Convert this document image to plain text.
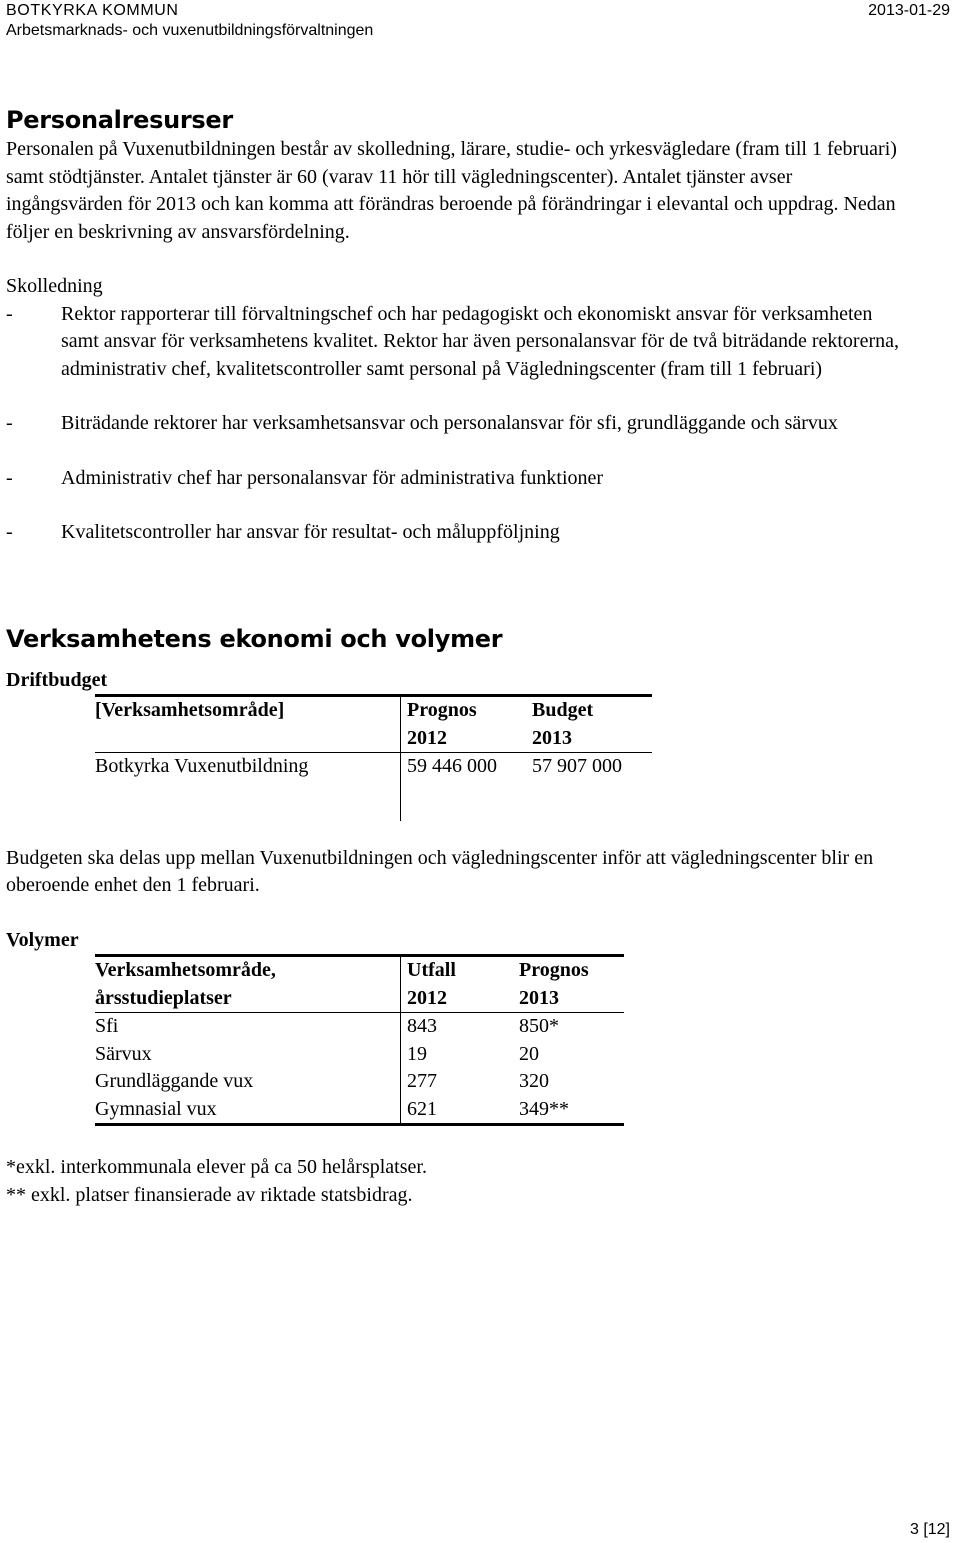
BOTKYRKA KOMMUN
Arbetsmarknads- och vuxenutbildningsförvaltningen
2013-01-29
Personalresurser

Personalen på Vuxenutbildningen består av skolledning, lärare, studie- och yrkesvägledare (fram till 1 februari) samt stödtjänster. Antalet tjänster är 60 (varav 11 hör till vägledningscenter). Antalet tjänster avser ingångsvärden för 2013 och kan komma att förändras beroende på förändringar i elevantal och uppdrag. Nedan följer en beskrivning av ansvarsfördelning.

Skolledning

-	Rektor rapporterar till förvaltningschef och har pedagogiskt och ekonomiskt ansvar för verksamheten samt ansvar för verksamhetens kvalitet. Rektor har även personalansvar för de två biträdande rektorerna, administrativ chef, kvalitetscontroller samt personal på Vägledningscenter (fram till 1 februari)
-	Biträdande rektorer har verksamhetsansvar och personalansvar för sfi, grundläggande och särvux
-	Administrativ chef har personalansvar för administrativa funktioner
-	Kvalitetscontroller har ansvar för resultat- och måluppföljning
Verksamhetens ekonomi och volymer

Driftbudget

[Verksamhetsområde]	Prognos	Budget
	2012	2013
Botkyrka Vuxenutbildning	59 446 000	57 907 000

Budgeten ska delas upp mellan Vuxenutbildningen och vägledningscenter inför att vägledningscenter blir en oberoende enhet den 1 februari.

Volymer

Verksamhetsområde,	Utfall	Prognos
årsstudieplatser	2012	2013
Sfi	843	850*
Särvux	19	20
Grundläggande vux	277	320
Gymnasial vux	621	349**

*exkl. interkommunala elever på ca 50 helårsplatser.

** exkl. platser finansierade av riktade statsbidrag.

3 [12]
